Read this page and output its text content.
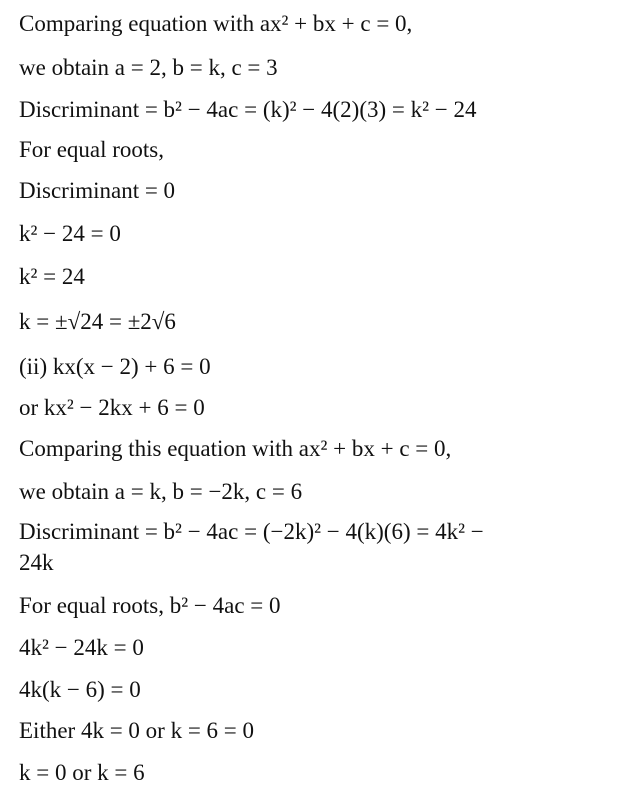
Comparing equation with ax² + bx + c = 0,
we obtain a = 2, b = k, c = 3
Discriminant = b² − 4ac = (k)² − 4(2)(3) = k² − 24
For equal roots,
Discriminant = 0
k² − 24 = 0
k² = 24
k = ±√24 = ±2√6
(ii) kx(x − 2) + 6 = 0
or kx² − 2kx + 6 = 0
Comparing this equation with ax² + bx + c = 0,
we obtain a = k, b = −2k, c = 6
Discriminant = b² − 4ac = (−2k)² − 4(k)(6) = 4k² −
24k
For equal roots, b² − 4ac = 0
4k² − 24k = 0
4k(k − 6) = 0
Either 4k = 0 or k = 6 = 0
k = 0 or k = 6
